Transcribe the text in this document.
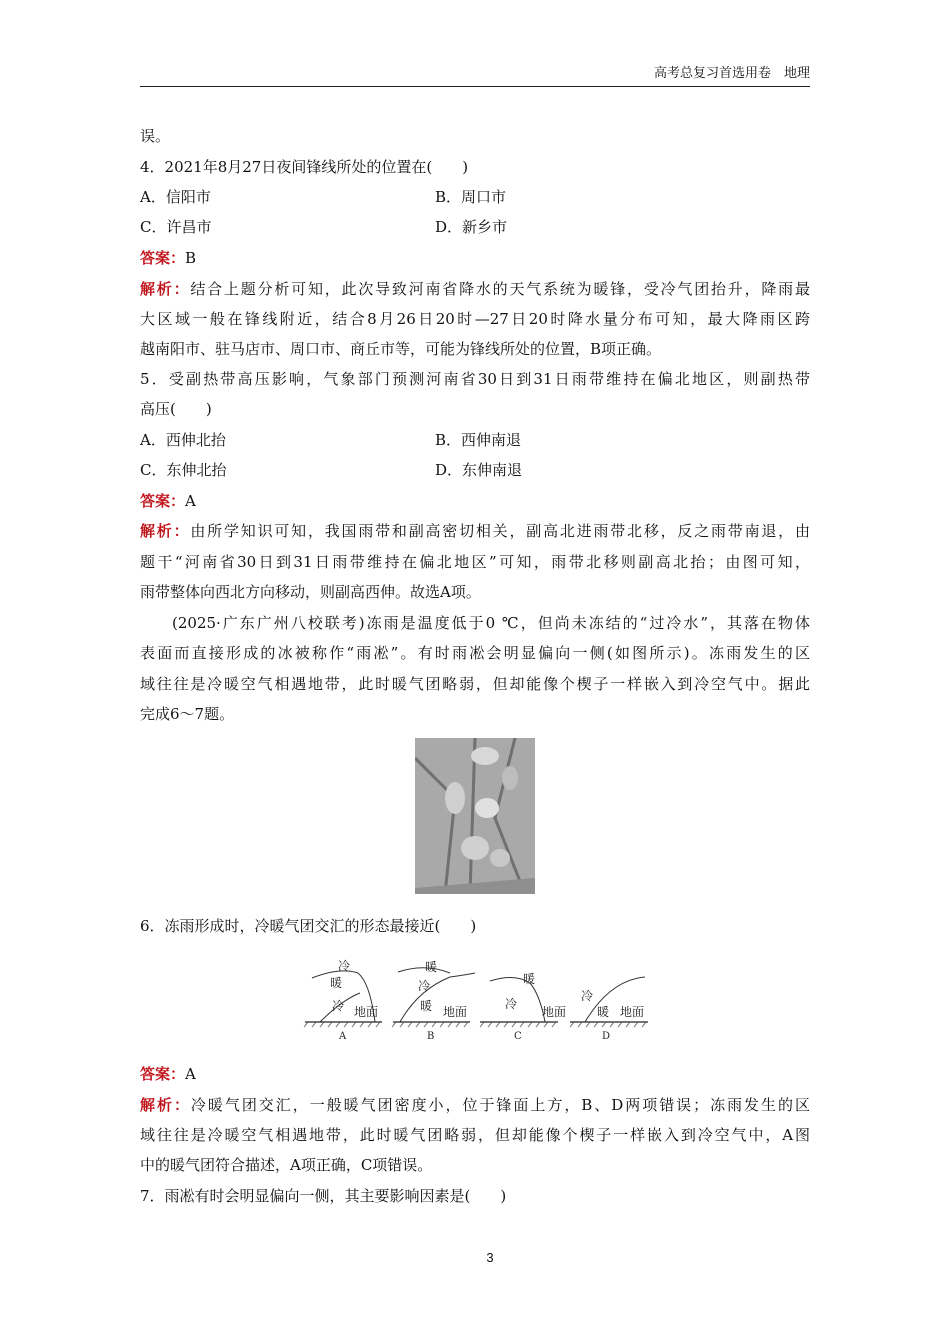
高考总复习首选用卷　地理
误。
4．2021年8月27日夜间锋线所处的位置在(　　)
A．信阳市	B．周口市
C．许昌市	D．新乡市
答案：B
解析：结合上题分析可知，此次导致河南省降水的天气系统为暖锋，受冷气团抬升，降雨最
大区域一般在锋线附近，结合8月26日20时—27日20时降水量分布可知，最大降雨区跨
越南阳市、驻马店市、周口市、商丘市等，可能为锋线所处的位置，B项正确。
5．受副热带高压影响，气象部门预测河南省30日到31日雨带维持在偏北地区，则副热带
高压(　　)
A．西伸北抬	B．西伸南退
C．东伸北抬	D．东伸南退
答案：A
解析：由所学知识可知，我国雨带和副高密切相关，副高北进雨带北移，反之雨带南退，由
题干“河南省30日到31日雨带维持在偏北地区”可知，雨带北移则副高北抬；由图可知，
雨带整体向西北方向移动，则副高西伸。故选A项。
(2025·广东广州八校联考)冻雨是温度低于0 ℃，但尚未冻结的“过冷水”，其落在物体
表面而直接形成的冰被称作“雨凇”。有时雨凇会明显偏向一侧(如图所示)。冻雨发生的区
域往往是冷暖空气相遇地带，此时暖气团略弱，但却能像个楔子一样嵌入到冷空气中。据此
完成6～7题。
6．冻雨形成时，冷暖气团交汇的形态最接近(　　)
冷
暖
冷 地面
A
暖
冷
暖 地面
B
暖
冷
地面
C
冷
暖 地面
D
答案：A
解析：冷暖气团交汇，一般暖气团密度小，位于锋面上方，B、D两项错误；冻雨发生的区
域往往是冷暖空气相遇地带，此时暖气团略弱，但却能像个楔子一样嵌入到冷空气中，A图
中的暖气团符合描述，A项正确，C项错误。
7．雨凇有时会明显偏向一侧，其主要影响因素是(　　)
3
